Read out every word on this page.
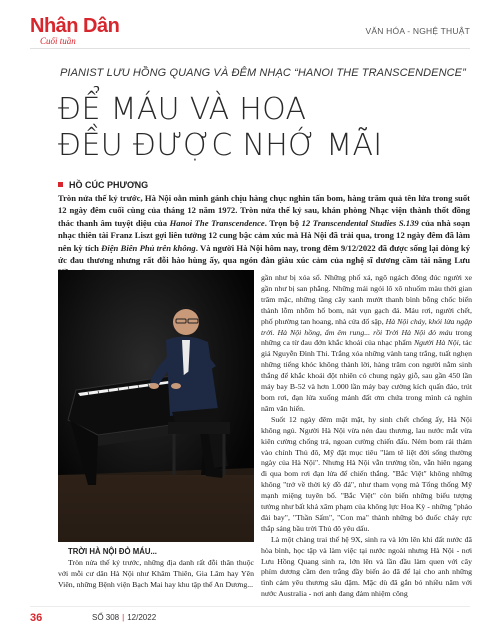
Nhân Dân
Cuối tuần
VĂN HÓA - NGHỆ THUẬT
PIANIST LƯU HỒNG QUANG VÀ ĐÊM NHẠC “HANOI THE TRANSCENDENCE”
ĐỂ MÁU VÀ HOA
ĐỀU ĐƯỢC NHỚ MÃI
HỒ CÚC PHƯƠNG

Tròn nửa thế kỷ trước, Hà Nội oằn mình gánh chịu hàng chục nghìn tấn bom, hàng trăm quả tên lửa trong suốt 12 ngày đêm cuối cùng của tháng 12 năm 1972. Tròn nửa thế kỷ sau, khán phòng Nhạc viện thành thốt đồng thác thanh âm tuyệt diệu của Hanoi The Transcendence. Trọn bộ 12 Transcendental Studies S.139 của nhà soạn nhạc thiên tài Franz Liszt gợi liên tưởng 12 cung bậc cảm xúc mà Hà Nội đã trải qua, trong 12 ngày đêm đã làm nên kỳ tích Điện Biên Phủ trên không. Và người Hà Nội hôm nay, trong đêm 9/12/2022 đã được sống lại dòng ký ức đau thương nhưng rất đỗi hào hùng ấy, qua ngón đàn giàu xúc cảm của nghệ sĩ dương cầm tài năng Lưu

gần như bị xóa sổ. Những phố xá, ngõ ngách đông đúc người xe gần như bị san phẳng. Những mái ngói lô xô nhuốm màu thời gian trăm mặc, những tầng cây xanh mướt thanh bình bỗng chốc biến thành lỗm nhỗm hố bom, nát vụn gạch đá. Máu rơi, người chết, phố phường tan hoang, nhà cửa đổ sập, Hà Nội cháy, khói lửa ngập trời. Hà Nội hồng, ấm êm rung... rồi Trời Hà Nội đỏ máu trong những ca từ đau đớn khắc khoải của nhạc phẩm Người Hà Nội, tác giả Nguyễn Đình Thi. Trắng xóa những vành tang trắng, tuất nghẹn những tiếng khóc không thành lời, hàng trăm con người nằm sinh thắng để khắc khoải đột nhiên có chung ngày giỗ, sau gần 450 lần máy bay B-52 và hơn 1.000 lần máy bay cường kích quấn đảo, trút bom rơi, đạn lửa xuống mảnh đất ơm chứa trong mình cả nghìn năm văn hiến.

Suốt 12 ngày đêm mặt mặt, hy sinh chết chống ấy, Hà Nội không ngủ. Người Hà Nội vừa nén đau thương, lau nước mắt vừa kiên cường chống trả, ngoan cường chiến đấu. Ném bom rải thảm vào chính Thủ đô, Mỹ đặt mục tiêu "làm tê liệt đời sống thường ngày của Hà Nội". Nhưng Hà Nội vẫn trường tồn, vẫn hiên ngang đi qua bom rơi đạn lửa để chiến thắng. "Bắc Việt" không những không "trở về thời kỳ đồ đá", như tham vọng mà Tổng thống Mỹ mạnh miệng tuyên bố. "Bắc Việt" còn biến những biểu tượng tưởng như bất khả xâm phạm của không lực Hoa Kỳ - những "pháo đài bay", "Thần Sấm", "Con ma" thành những bó đuốc cháy rực thắp sáng bầu trời Thủ đô yêu dấu.

Là một chàng trai thế hệ 9X, sinh ra và lớn lên khi đất nước đã hòa bình, học tập và làm việc tại nước ngoài nhưng Hà Nội - nơi Lưu Hồng Quang sinh ra, lớn lên và lần đầu làm quen với cây phím dương cầm đen trắng đầy biến ảo đã để lại cho anh những tình cảm yêu thương sâu đậm. Mặc dù đã gắn bó nhiều năm với nước Australia - nơi anh đang đảm nhiệm công

TRỜI HÀ NỘI ĐỎ MÁU...

Tròn nửa thế kỷ trước, những địa danh rất đỗi thân thuộc với mỗi cư dân Hà Nội như Khâm Thiên, Gia Lâm hay Yên Viên, những Bệnh viện Bạch Mai hay khu tập thể An Dương...

36	SỐ 308 | 12/2022
